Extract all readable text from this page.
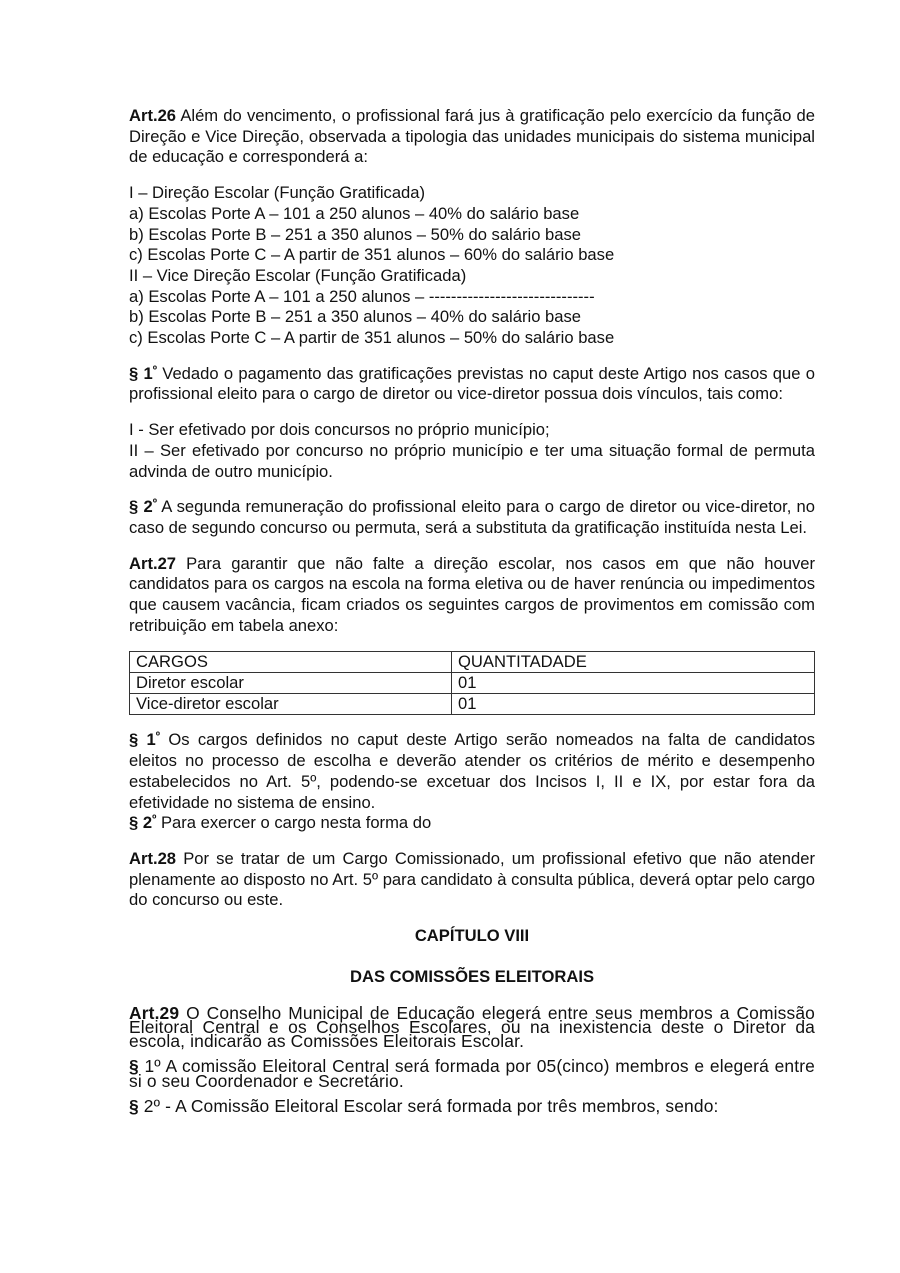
Art.26 Além do vencimento, o profissional fará jus à gratificação pelo exercício da função de Direção e Vice Direção, observada a tipologia das unidades municipais do sistema municipal de educação e corresponderá a:

I – Direção Escolar (Função Gratificada)
a) Escolas Porte A – 101 a 250 alunos – 40% do salário base
b) Escolas Porte B – 251 a 350 alunos – 50% do salário base
c) Escolas Porte C – A partir de 351 alunos – 60% do salário base
II – Vice Direção Escolar (Função Gratificada)
a) Escolas Porte A – 101 a 250 alunos – ------------------------------
b) Escolas Porte B – 251 a 350 alunos – 40% do salário base
c) Escolas Porte C – A partir de 351 alunos – 50% do salário base

§ $1^º$ Vedado o pagamento das gratificações previstas no caput deste Artigo nos casos que o profissional eleito para o cargo de diretor ou vice-diretor possua dois vínculos, tais como:

I - Ser efetivado por dois concursos no próprio município;
II – Ser efetivado por concurso no próprio município e ter uma situação formal de permuta advinda de outro município.

§ $2^º$ A segunda remuneração do profissional eleito para o cargo de diretor ou vice-diretor, no caso de segundo concurso ou permuta, será a substituta da gratificação instituída nesta Lei.

Art.27 Para garantir que não falte a direção escolar, nos casos em que não houver candidatos para os cargos na escola na forma eletiva ou de haver renúncia ou impedimentos que causem vacância, ficam criados os seguintes cargos de provimentos em comissão com retribuição em tabela anexo:

CARGOS	QUANTITADADE
Diretor escolar	01
Vice-diretor escolar	01

§ $1^º$ Os cargos definidos no caput deste Artigo serão nomeados na falta de candidatos eleitos no processo de escolha e deverão atender os critérios de mérito e desempenho estabelecidos no Art. 5º, podendo-se excetuar dos Incisos I, II e IX, por estar fora da efetividade no sistema de ensino.

§ $2^º$ Para exercer o cargo nesta forma do

Art.28 Por se tratar de um Cargo Comissionado, um profissional efetivo que não atender plenamente ao disposto no Art. 5º para candidato à consulta pública, deverá optar pelo cargo do concurso ou este.

CAPÍTULO VIII

DAS COMISSÕES ELEITORAIS

Art.29 O Conselho Municipal de Educação elegerá entre seus membros a Comissão Eleitoral Central e os Conselhos Escolares, ou na inexistencia deste o Diretor da escola, indicarão as Comissões Eleitorais Escolar.

§ 1º A comissão Eleitoral Central será formada por 05(cinco) membros e elegerá entre si o seu Coordenador e Secretário.

§ 2º - A Comissão Eleitoral Escolar será formada por três membros, sendo:
